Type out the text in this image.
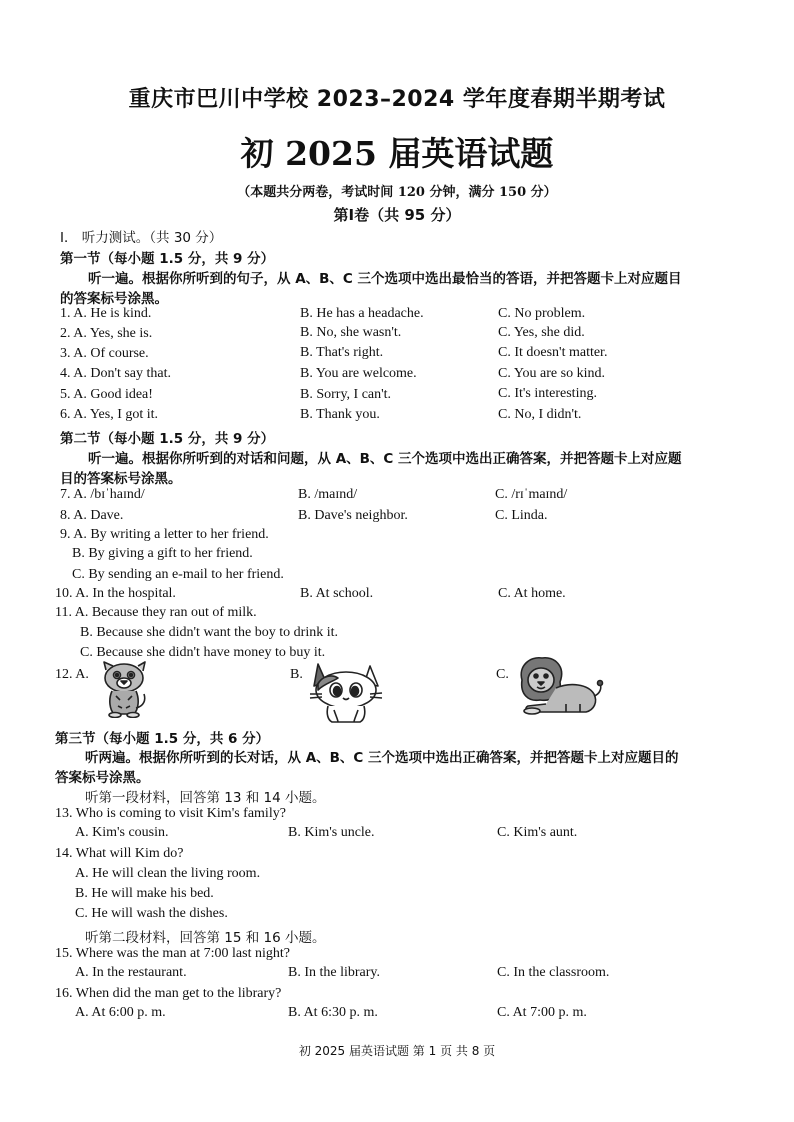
重庆市巴川中学校 2023–2024 学年度春期半期考试
初 2025 届英语试题
（本题共分两卷，考试时间 120 分钟，满分 150 分）
第Ⅰ卷（共 95 分）
Ⅰ． 听力测试。（共 30 分）
第一节（每小题 1.5 分，共 9 分）
听一遍。根据你所听到的句子，从 A、B、C 三个选项中选出最恰当的答语，并把答题卡上对应题目
的答案标号涂黑。
1. A. He is kind.	B. He has a headache.	C. No problem.
2. A. Yes, she is.	B. No, she wasn't.	C. Yes, she did.
3. A. Of course.	B. That's right.	C. It doesn't matter.
4. A. Don't say that.	B. You are welcome.	C. You are so kind.
5. A. Good idea!	B. Sorry, I can't.	C. It's interesting.
6. A. Yes, I got it.	B. Thank you.	C. No, I didn't.
第二节（每小题 1.5 分，共 9 分）
听一遍。根据你所听到的对话和问题，从 A、B、C 三个选项中选出正确答案，并把答题卡上对应题
目的答案标号涂黑。
7. A. /bɪˈhaɪnd/	B. /maɪnd/	C. /rɪˈmaɪnd/
8. A. Dave.	B. Dave's neighbor.	C. Linda.
9. A. By writing a letter to her friend.
B. By giving a gift to her friend.
C. By sending an e-mail to her friend.
10. A. In the hospital.	B. At school.	C. At home.
11. A. Because they ran out of milk.
B. Because she didn't want the boy to drink it.
C. Because she didn't have money to buy it.
12. A.	B.	C.
第三节（每小题 1.5 分，共 6 分）
听两遍。根据你所听到的长对话，从 A、B、C 三个选项中选出正确答案，并把答题卡上对应题目的
答案标号涂黑。
听第一段材料，回答第 13 和 14 小题。
13. Who is coming to visit Kim's family?
A. Kim's cousin.	B. Kim's uncle.	C. Kim's aunt.
14. What will Kim do?
A. He will clean the living room.
B. He will make his bed.
C. He will wash the dishes.
听第二段材料，回答第 15 和 16 小题。
15. Where was the man at 7:00 last night?
A. In the restaurant.	B. In the library.	C. In the classroom.
16. When did the man get to the library?
A. At 6:00 p. m.	B. At 6:30 p. m.	C. At 7:00 p. m.
初 2025 届英语试题 第 1 页 共 8 页
